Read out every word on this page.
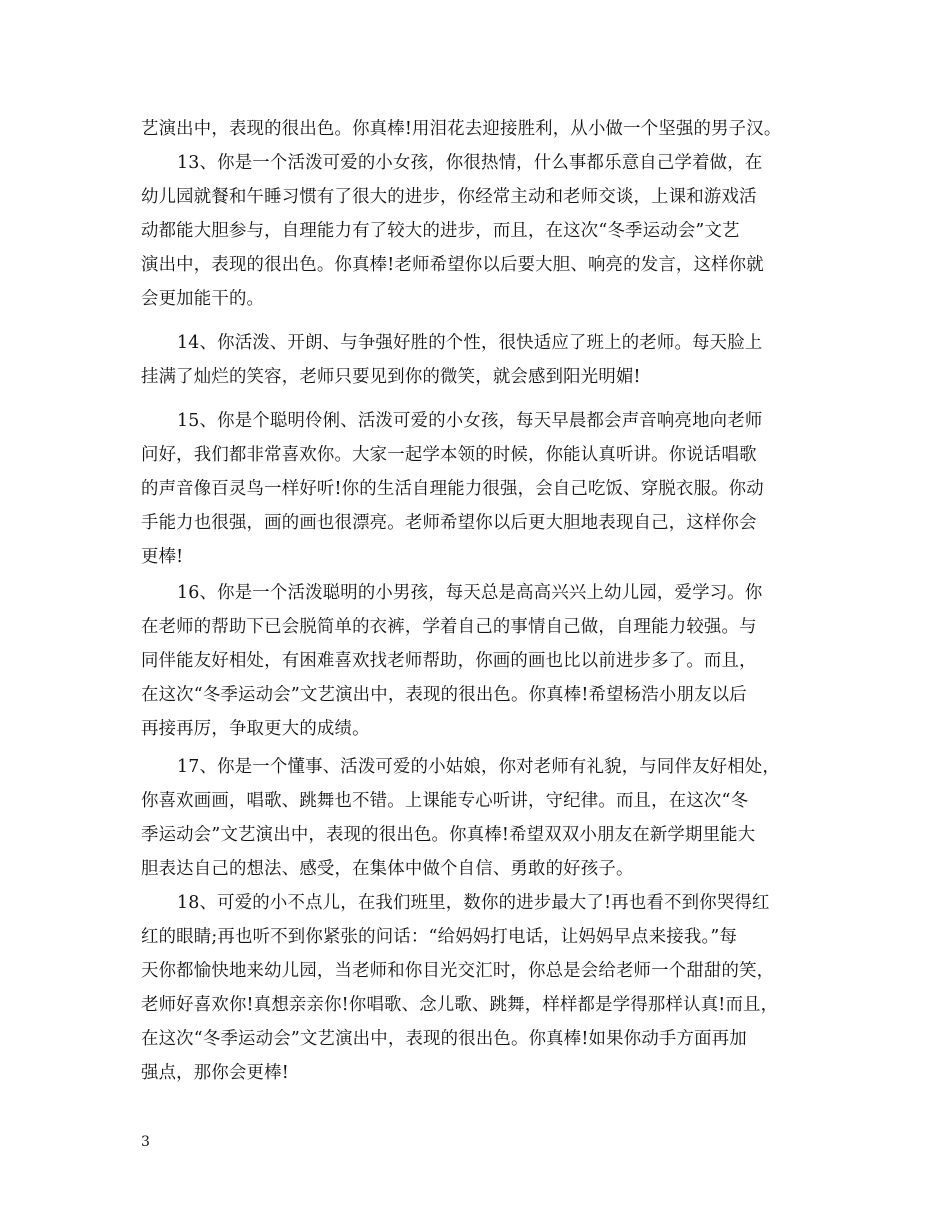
艺演出中，表现的很出色。你真棒!用泪花去迎接胜利，从小做一个坚强的男子汉。
13、你是一个活泼可爱的小女孩，你很热情，什么事都乐意自己学着做，在
幼儿园就餐和午睡习惯有了很大的进步，你经常主动和老师交谈，上课和游戏活
动都能大胆参与，自理能力有了较大的进步，而且，在这次“冬季运动会”文艺
演出中，表现的很出色。你真棒!老师希望你以后要大胆、响亮的发言，这样你就
会更加能干的。
14、你活泼、开朗、与争强好胜的个性，很快适应了班上的老师。每天脸上
挂满了灿烂的笑容，老师只要见到你的微笑，就会感到阳光明媚!
15、你是个聪明伶俐、活泼可爱的小女孩，每天早晨都会声音响亮地向老师
问好，我们都非常喜欢你。大家一起学本领的时候，你能认真听讲。你说话唱歌
的声音像百灵鸟一样好听!你的生活自理能力很强，会自己吃饭、穿脱衣服。你动
手能力也很强，画的画也很漂亮。老师希望你以后更大胆地表现自己，这样你会
更棒!
16、你是一个活泼聪明的小男孩，每天总是高高兴兴上幼儿园，爱学习。你
在老师的帮助下已会脱简单的衣裤，学着自己的事情自己做，自理能力较强。与
同伴能友好相处，有困难喜欢找老师帮助，你画的画也比以前进步多了。而且，
在这次“冬季运动会”文艺演出中，表现的很出色。你真棒!希望杨浩小朋友以后
再接再厉，争取更大的成绩。
17、你是一个懂事、活泼可爱的小姑娘，你对老师有礼貌，与同伴友好相处，
你喜欢画画，唱歌、跳舞也不错。上课能专心听讲，守纪律。而且，在这次“冬
季运动会”文艺演出中，表现的很出色。你真棒!希望双双小朋友在新学期里能大
胆表达自己的想法、感受，在集体中做个自信、勇敢的好孩子。
18、可爱的小不点儿，在我们班里，数你的进步最大了!再也看不到你哭得红
红的眼睛;再也听不到你紧张的问话：“给妈妈打电话，让妈妈早点来接我。”每
天你都愉快地来幼儿园，当老师和你目光交汇时，你总是会给老师一个甜甜的笑，
老师好喜欢你!真想亲亲你!你唱歌、念儿歌、跳舞，样样都是学得那样认真!而且，
在这次“冬季运动会”文艺演出中，表现的很出色。你真棒!如果你动手方面再加
强点，那你会更棒!
3
